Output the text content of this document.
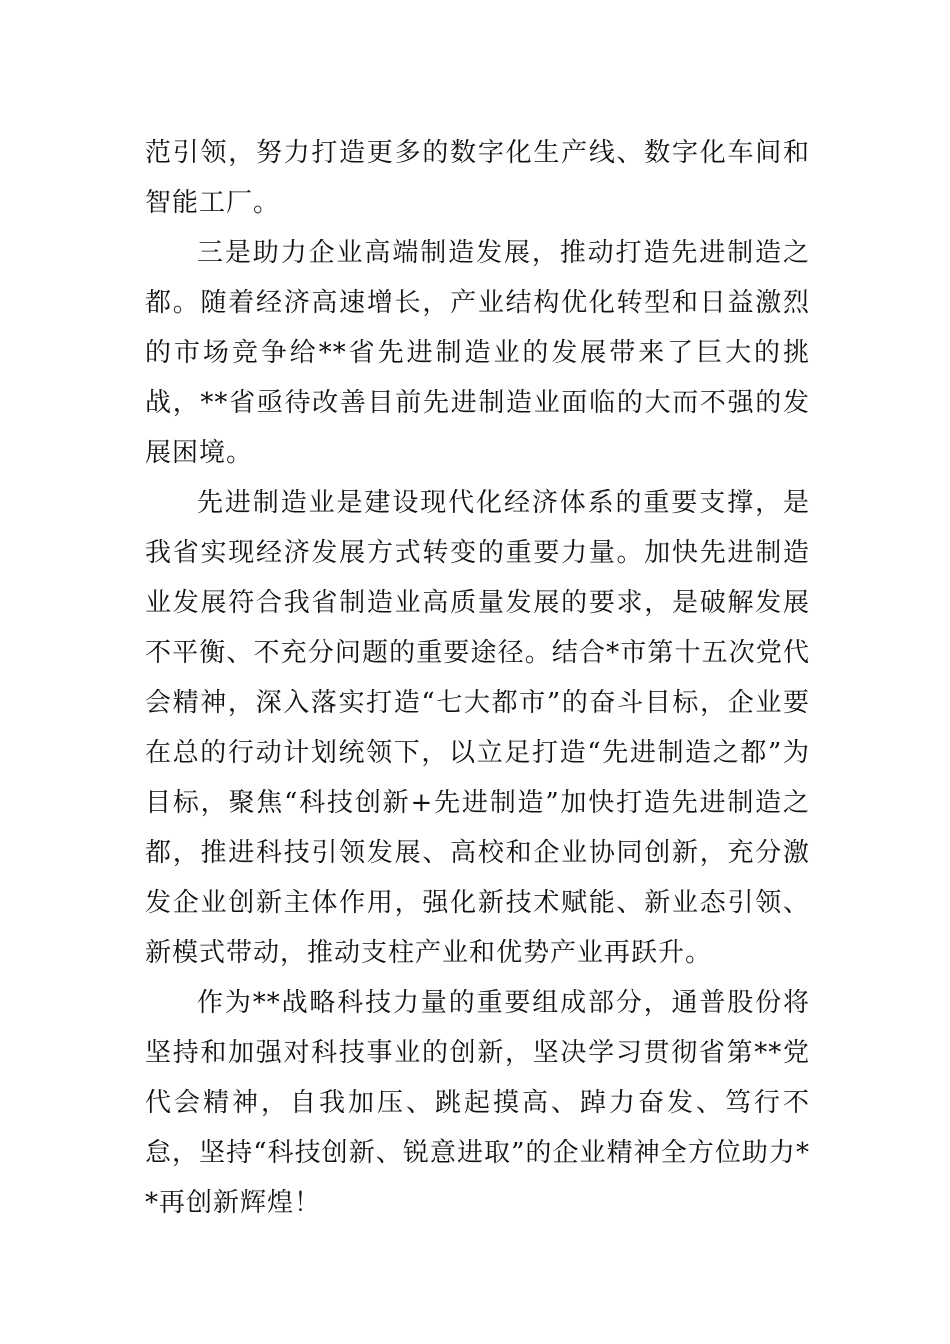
范引领，努力打造更多的数字化生产线、数字化车间和智能工厂。

三是助力企业高端制造发展，推动打造先进制造之都。随着经济高速增长，产业结构优化转型和日益激烈的市场竞争给**省先进制造业的发展带来了巨大的挑战，**省亟待改善目前先进制造业面临的大而不强的发展困境。

先进制造业是建设现代化经济体系的重要支撑，是我省实现经济发展方式转变的重要力量。加快先进制造业发展符合我省制造业高质量发展的要求，是破解发展不平衡、不充分问题的重要途径。结合*市第十五次党代会精神，深入落实打造“七大都市”的奋斗目标，企业要在总的行动计划统领下，以立足打造“先进制造之都”为目标，聚焦“科技创新+先进制造”加快打造先进制造之都，推进科技引领发展、高校和企业协同创新，充分激发企业创新主体作用，强化新技术赋能、新业态引领、新模式带动，推动支柱产业和优势产业再跃升。

作为**战略科技力量的重要组成部分，通普股份将坚持和加强对科技事业的创新，坚决学习贯彻省第**党代会精神，自我加压、跳起摸高、踔力奋发、笃行不怠，坚持“科技创新、锐意进取”的企业精神全方位助力**再创新辉煌！
